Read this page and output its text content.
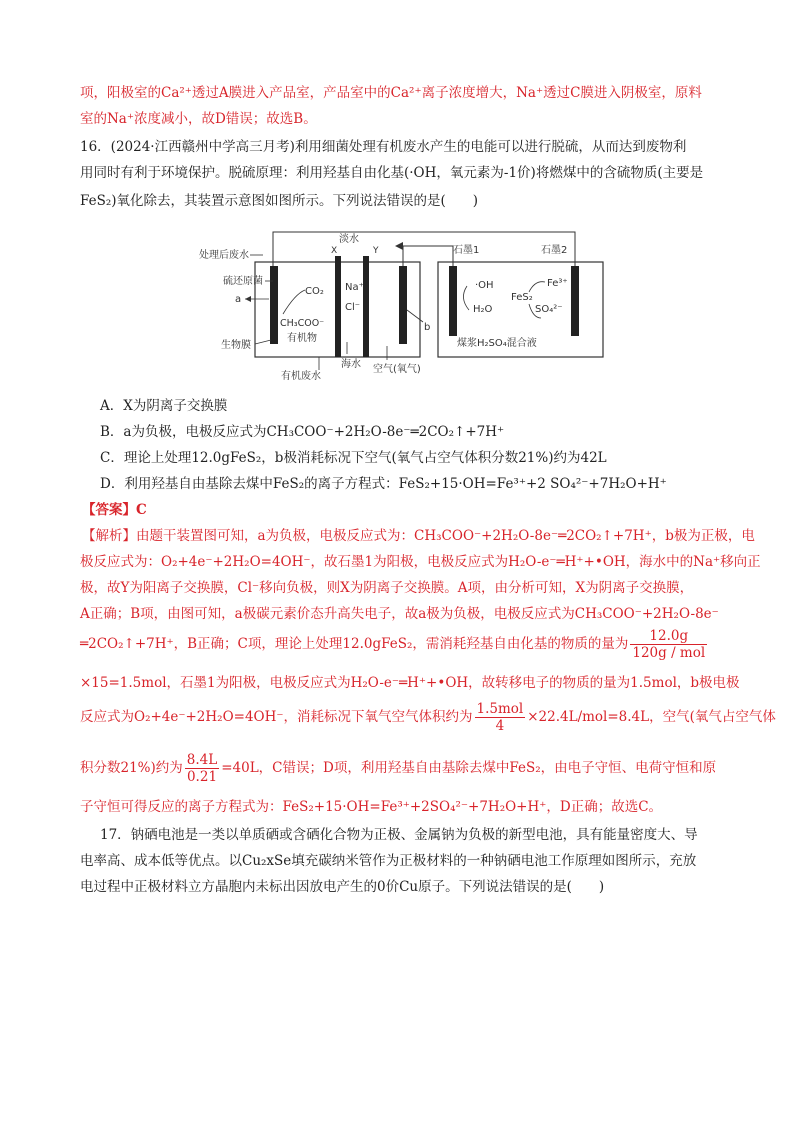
项，阳极室的Ca²⁺透过A膜进入产品室，产品室中的Ca²⁺离子浓度增大，Na⁺透过C膜进入阴极室，原料
室的Na⁺浓度减小，故D错误；故选B。
16．(2024·江西赣州中学高三月考)利用细菌处理有机废水产生的电能可以进行脱硫，从而达到废物利
用同时有利于环境保护。脱硫原理：利用羟基自由化基(·OH，氧元素为-1价)将燃煤中的含硫物质(主要是
FeS₂)氧化除去，其装置示意图如图所示。下列说法错误的是(　　)
处理后废水
硫还原菌
a
CO₂
CH₃COO⁻
有机物
生物膜
X	Y
淡水
Na⁺
Cl⁻
b
有机废水
海水 空气(氧气)
石墨1	石墨2
·OH
H₂O
FeS₂
Fe³⁺
SO₄²⁻
煤浆H₂SO₄混合液
A．X为阴离子交换膜
B．a为负极，电极反应式为CH₃COO⁻+2H₂O-8e⁻═2CO₂↑+7H⁺
C．理论上处理12.0gFeS₂，b极消耗标况下空气(氧气占空气体积分数21%)约为42L
D．利用羟基自由基除去煤中FeS₂的离子方程式：FeS₂+15·OH=Fe³⁺+2 SO₄²⁻+7H₂O+H⁺
【答案】C
【解析】由题干装置图可知，a为负极，电极反应式为：CH₃COO⁻+2H₂O-8e⁻═2CO₂↑+7H⁺，b极为正极，电
极反应式为：O₂+4e⁻+2H₂O=4OH⁻，故石墨1为阳极，电极反应式为H₂O-e⁻═H⁺+•OH，海水中的Na⁺移向正
极，故Y为阳离子交换膜，Cl⁻移向负极，则X为阴离子交换膜。A项，由分析可知，X为阴离子交换膜，
A正确；B项，由图可知，a极碳元素价态升高失电子，故a极为负极，电极反应式为CH₃COO⁻+2H₂O-8e⁻
═2CO₂↑+7H⁺，B正确；C项，理论上处理12.0gFeS₂，需消耗羟基自由化基的物质的量为 $\frac{12.0g}{\text{120g / mol}}$
×15=1.5mol，石墨1为阳极，电极反应式为H₂O-e⁻═H⁺+•OH，故转移电子的物质的量为1.5mol，b极电极
反应式为O₂+4e⁻+2H₂O=4OH⁻，消耗标况下氧气空气体积约为 $\frac{\text{1.5mol}}{4} \times 22.4L/mol=8.4L$，空气(氧气占空气体
积分数21%)约为 $\frac{8.4L}{0.21} =40L$，C错误；D项，利用羟基自由基除去煤中FeS₂，由电子守恒、电荷守恒和原
子守恒可得反应的离子方程式为：FeS₂+15·OH=Fe³⁺+2SO₄²⁻+7H₂O+H⁺，D正确；故选C。
17．钠硒电池是一类以单质硒或含硒化合物为正极、金属钠为负极的新型电池，具有能量密度大、导
电率高、成本低等优点。以Cu₂xSe填充碳纳米管作为正极材料的一种钠硒电池工作原理如图所示，充放
电过程中正极材料立方晶胞内未标出因放电产生的0价Cu原子。下列说法错误的是(　　)
